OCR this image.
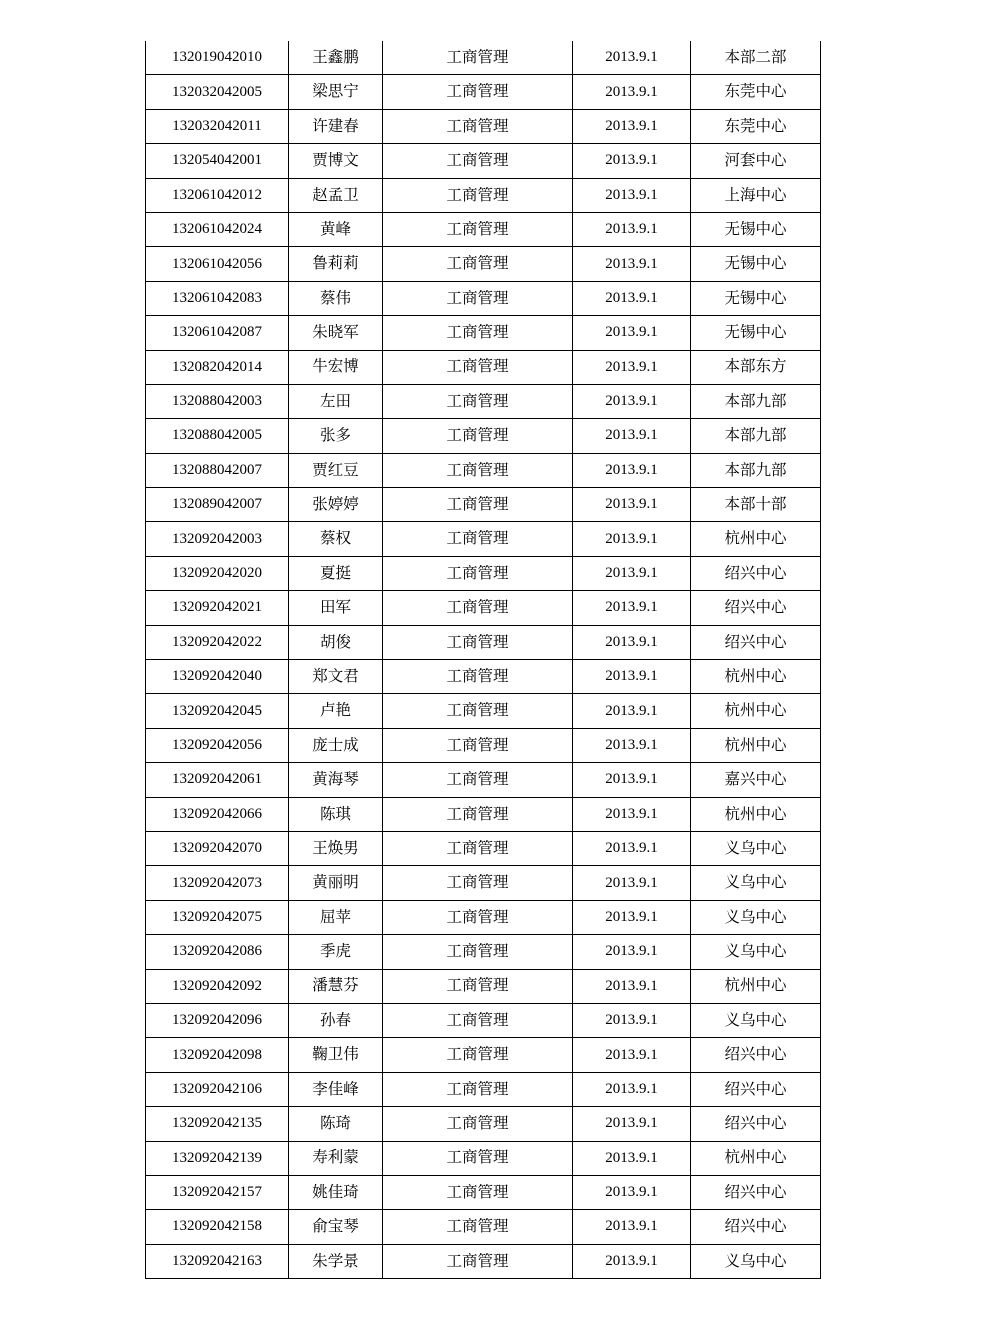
132019042010	王鑫鹏	工商管理	2013.9.1	本部二部
132032042005	梁思宁	工商管理	2013.9.1	东莞中心
132032042011	许建春	工商管理	2013.9.1	东莞中心
132054042001	贾博文	工商管理	2013.9.1	河套中心
132061042012	赵孟卫	工商管理	2013.9.1	上海中心
132061042024	黄峰	工商管理	2013.9.1	无锡中心
132061042056	鲁莉莉	工商管理	2013.9.1	无锡中心
132061042083	蔡伟	工商管理	2013.9.1	无锡中心
132061042087	朱晓军	工商管理	2013.9.1	无锡中心
132082042014	牛宏博	工商管理	2013.9.1	本部东方
132088042003	左田	工商管理	2013.9.1	本部九部
132088042005	张多	工商管理	2013.9.1	本部九部
132088042007	贾红豆	工商管理	2013.9.1	本部九部
132089042007	张婷婷	工商管理	2013.9.1	本部十部
132092042003	蔡权	工商管理	2013.9.1	杭州中心
132092042020	夏挺	工商管理	2013.9.1	绍兴中心
132092042021	田军	工商管理	2013.9.1	绍兴中心
132092042022	胡俊	工商管理	2013.9.1	绍兴中心
132092042040	郑文君	工商管理	2013.9.1	杭州中心
132092042045	卢艳	工商管理	2013.9.1	杭州中心
132092042056	庞士成	工商管理	2013.9.1	杭州中心
132092042061	黄海琴	工商管理	2013.9.1	嘉兴中心
132092042066	陈琪	工商管理	2013.9.1	杭州中心
132092042070	王焕男	工商管理	2013.9.1	义乌中心
132092042073	黄丽明	工商管理	2013.9.1	义乌中心
132092042075	屈苹	工商管理	2013.9.1	义乌中心
132092042086	季虎	工商管理	2013.9.1	义乌中心
132092042092	潘慧芬	工商管理	2013.9.1	杭州中心
132092042096	孙春	工商管理	2013.9.1	义乌中心
132092042098	鞠卫伟	工商管理	2013.9.1	绍兴中心
132092042106	李佳峰	工商管理	2013.9.1	绍兴中心
132092042135	陈琦	工商管理	2013.9.1	绍兴中心
132092042139	寿利蒙	工商管理	2013.9.1	杭州中心
132092042157	姚佳琦	工商管理	2013.9.1	绍兴中心
132092042158	俞宝琴	工商管理	2013.9.1	绍兴中心
132092042163	朱学景	工商管理	2013.9.1	义乌中心
